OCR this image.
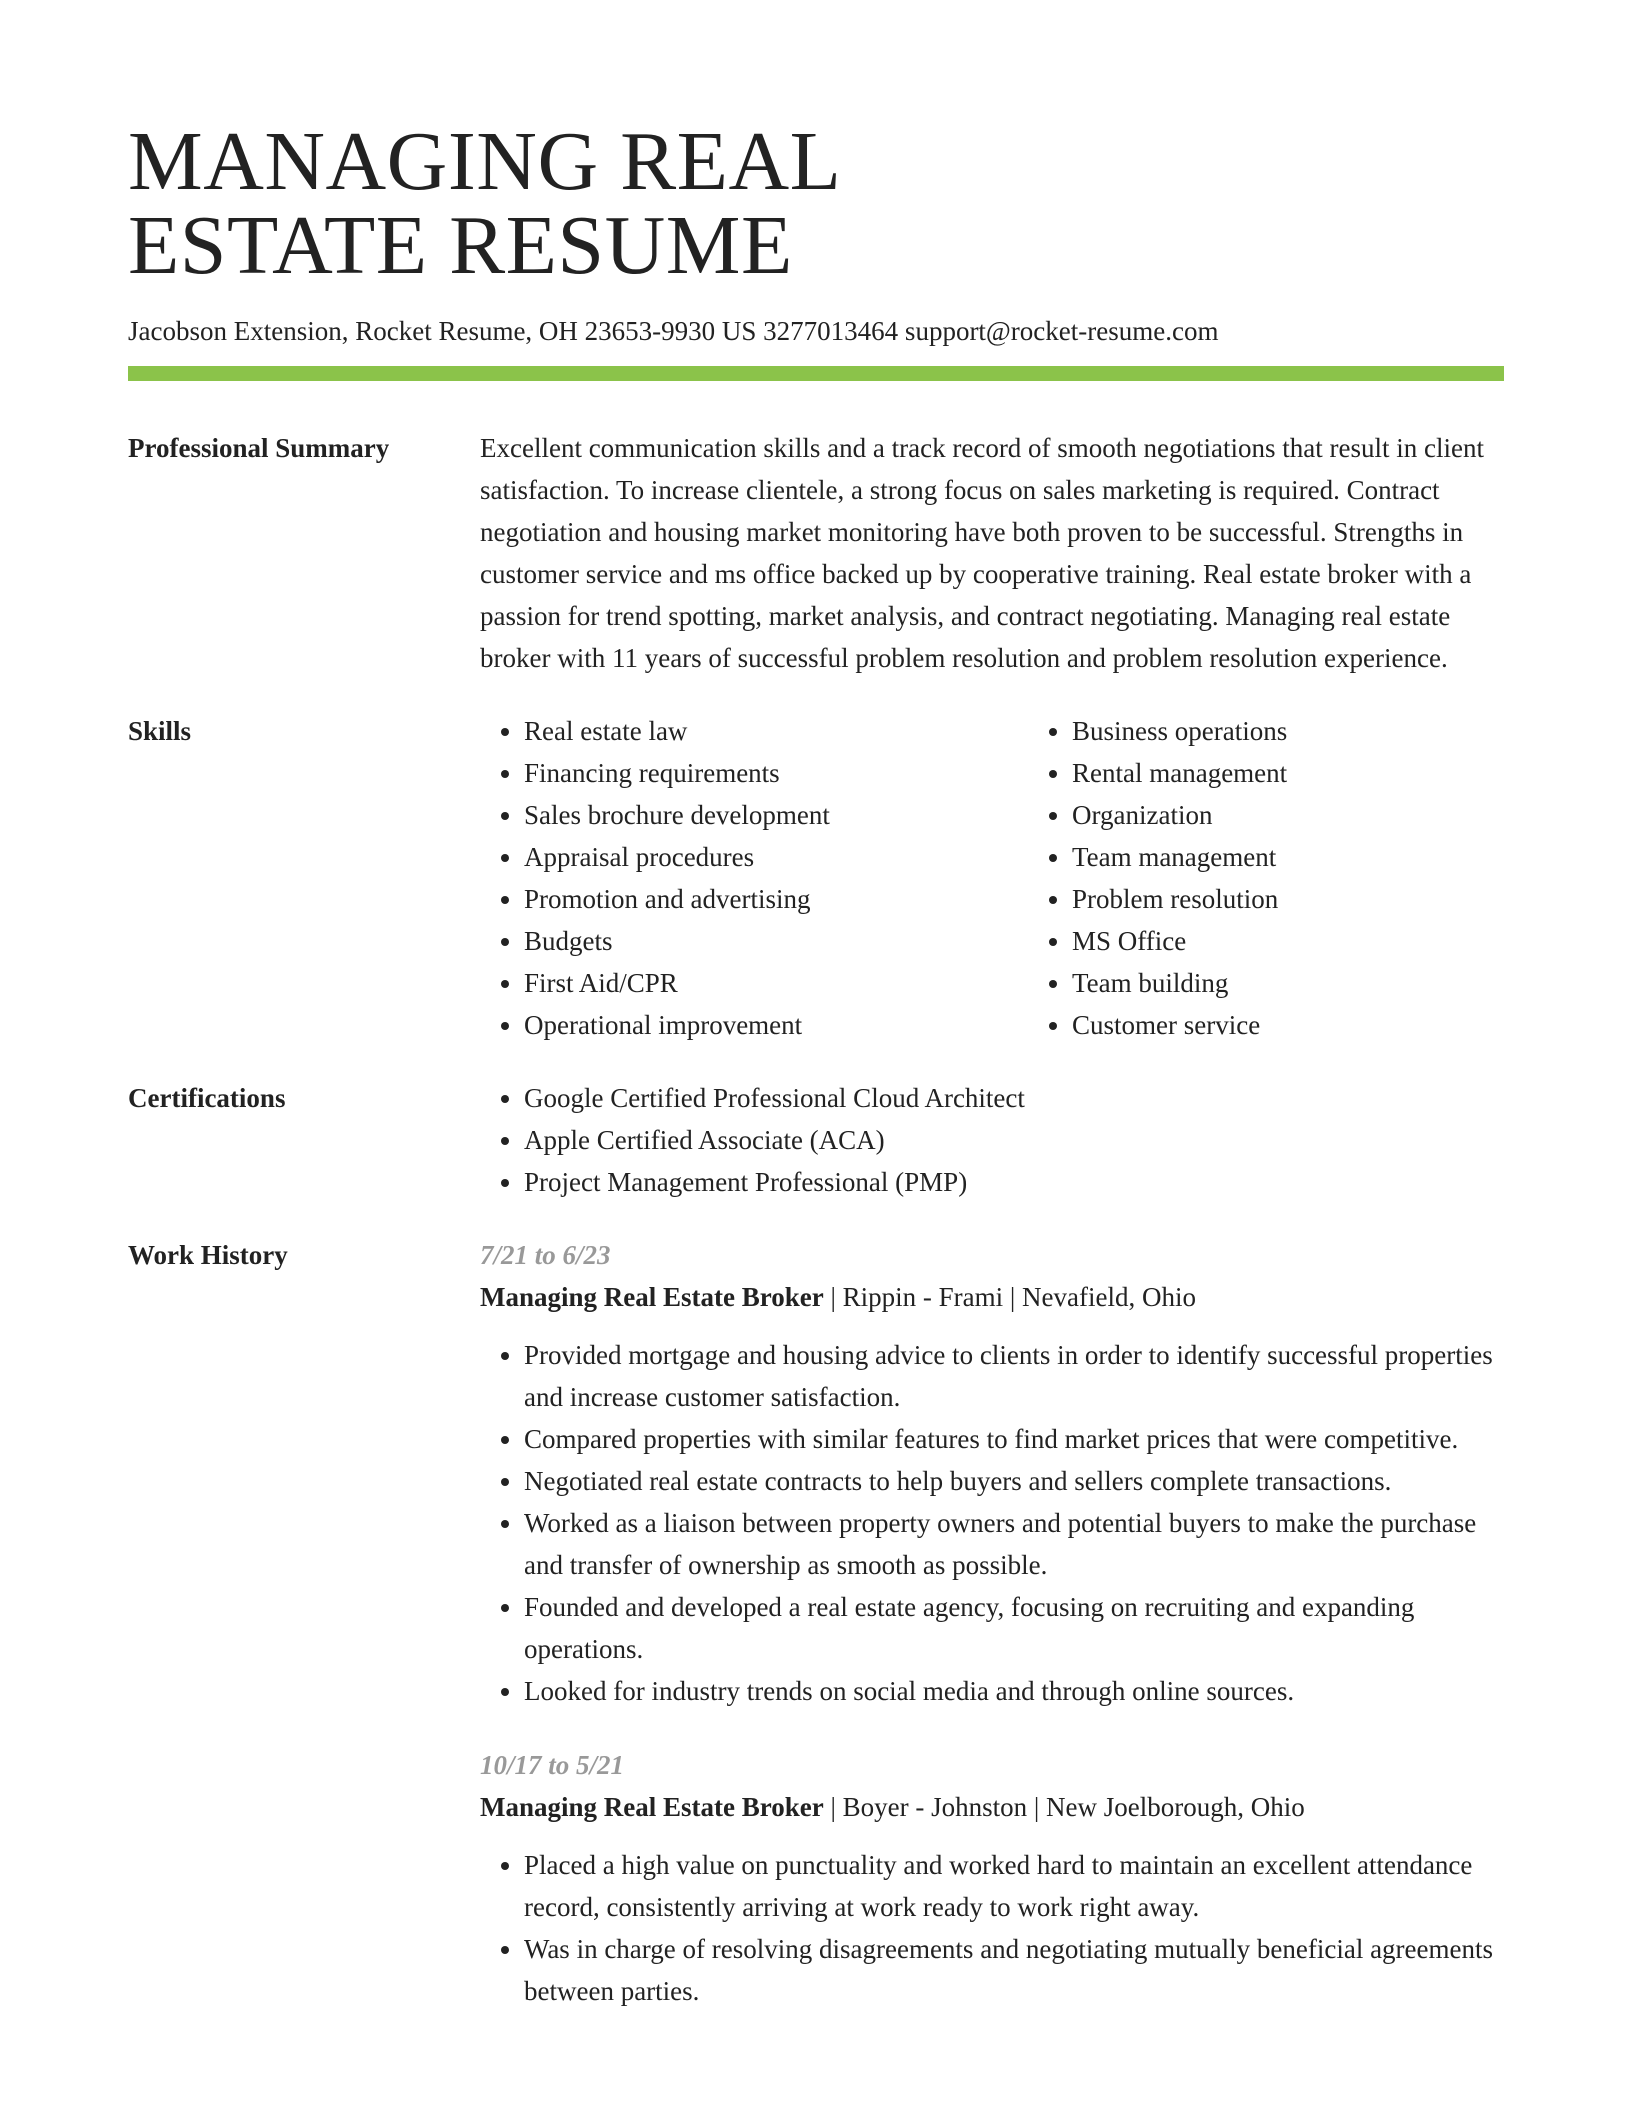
MANAGING REAL
ESTATE RESUME
Jacobson Extension, Rocket Resume, OH 23653-9930 US 3277013464 support@rocket-resume.com
Professional Summary	Excellent communication skills and a track record of smooth negotiations that result in client satisfaction. To increase clientele, a strong focus on sales marketing is required. Contract negotiation and housing market monitoring have both proven to be successful. Strengths in customer service and ms office backed up by cooperative training. Real estate broker with a passion for trend spotting, market analysis, and contract negotiating. Managing real estate broker with 11 years of successful problem resolution and problem resolution experience.

Skills	• Real estate law
• Financing requirements
• Sales brochure development
• Appraisal procedures
• Promotion and advertising
• Budgets
• First Aid/CPR
• Operational improvement
• Business operations
• Rental management
• Organization
• Team management
• Problem resolution
• MS Office
• Team building
• Customer service
Certifications	• Google Certified Professional Cloud Architect
• Apple Certified Associate (ACA)
• Project Management Professional (PMP)
Work History	7/21 to 6/23
Managing Real Estate Broker | Rippin - Frami | Nevafield, Ohio
• Provided mortgage and housing advice to clients in order to identify successful properties and increase customer satisfaction.
• Compared properties with similar features to find market prices that were competitive.
• Negotiated real estate contracts to help buyers and sellers complete transactions.
• Worked as a liaison between property owners and potential buyers to make the purchase and transfer of ownership as smooth as possible.
• Founded and developed a real estate agency, focusing on recruiting and expanding operations.
• Looked for industry trends on social media and through online sources.
10/17 to 5/21
Managing Real Estate Broker | Boyer - Johnston | New Joelborough, Ohio
• Placed a high value on punctuality and worked hard to maintain an excellent attendance record, consistently arriving at work ready to work right away.
• Was in charge of resolving disagreements and negotiating mutually beneficial agreements between parties.
